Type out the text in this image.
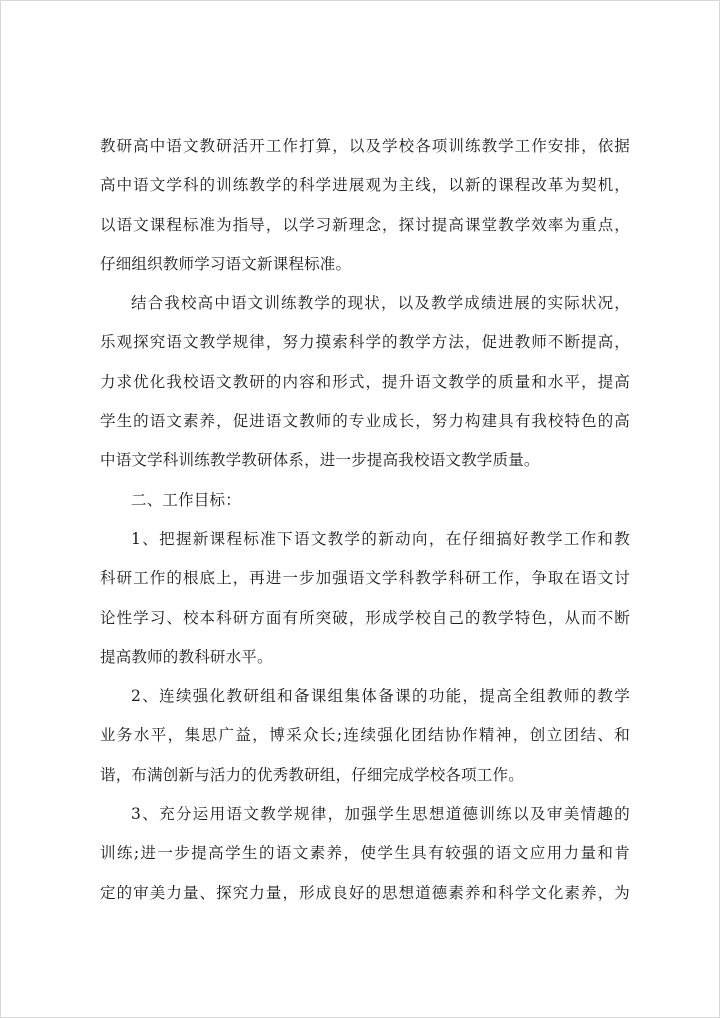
教研高中语文教研活开工作打算，以及学校各项训练教学工作安排，依据
高中语文学科的训练教学的科学进展观为主线，以新的课程改革为契机，
以语文课程标准为指导，以学习新理念，探讨提高课堂教学效率为重点，
仔细组织教师学习语文新课程标准。
结合我校高中语文训练教学的现状，以及教学成绩进展的实际状况，
乐观探究语文教学规律，努力摸索科学的教学方法，促进教师不断提高，
力求优化我校语文教研的内容和形式，提升语文教学的质量和水平，提高
学生的语文素养，促进语文教师的专业成长，努力构建具有我校特色的高
中语文学科训练教学教研体系，进一步提高我校语文教学质量。
二、工作目标：
1、把握新课程标准下语文教学的新动向，在仔细搞好教学工作和教
科研工作的根底上，再进一步加强语文学科教学科研工作，争取在语文讨
论性学习、校本科研方面有所突破，形成学校自己的教学特色，从而不断
提高教师的教科研水平。
2、连续强化教研组和备课组集体备课的功能，提高全组教师的教学
业务水平，集思广益，博采众长;连续强化团结协作精神，创立团结、和
谐，布满创新与活力的优秀教研组，仔细完成学校各项工作。
3、充分运用语文教学规律，加强学生思想道德训练以及审美情趣的
训练;进一步提高学生的语文素养，使学生具有较强的语文应用力量和肯
定的审美力量、探究力量，形成良好的思想道德素养和科学文化素养，为
